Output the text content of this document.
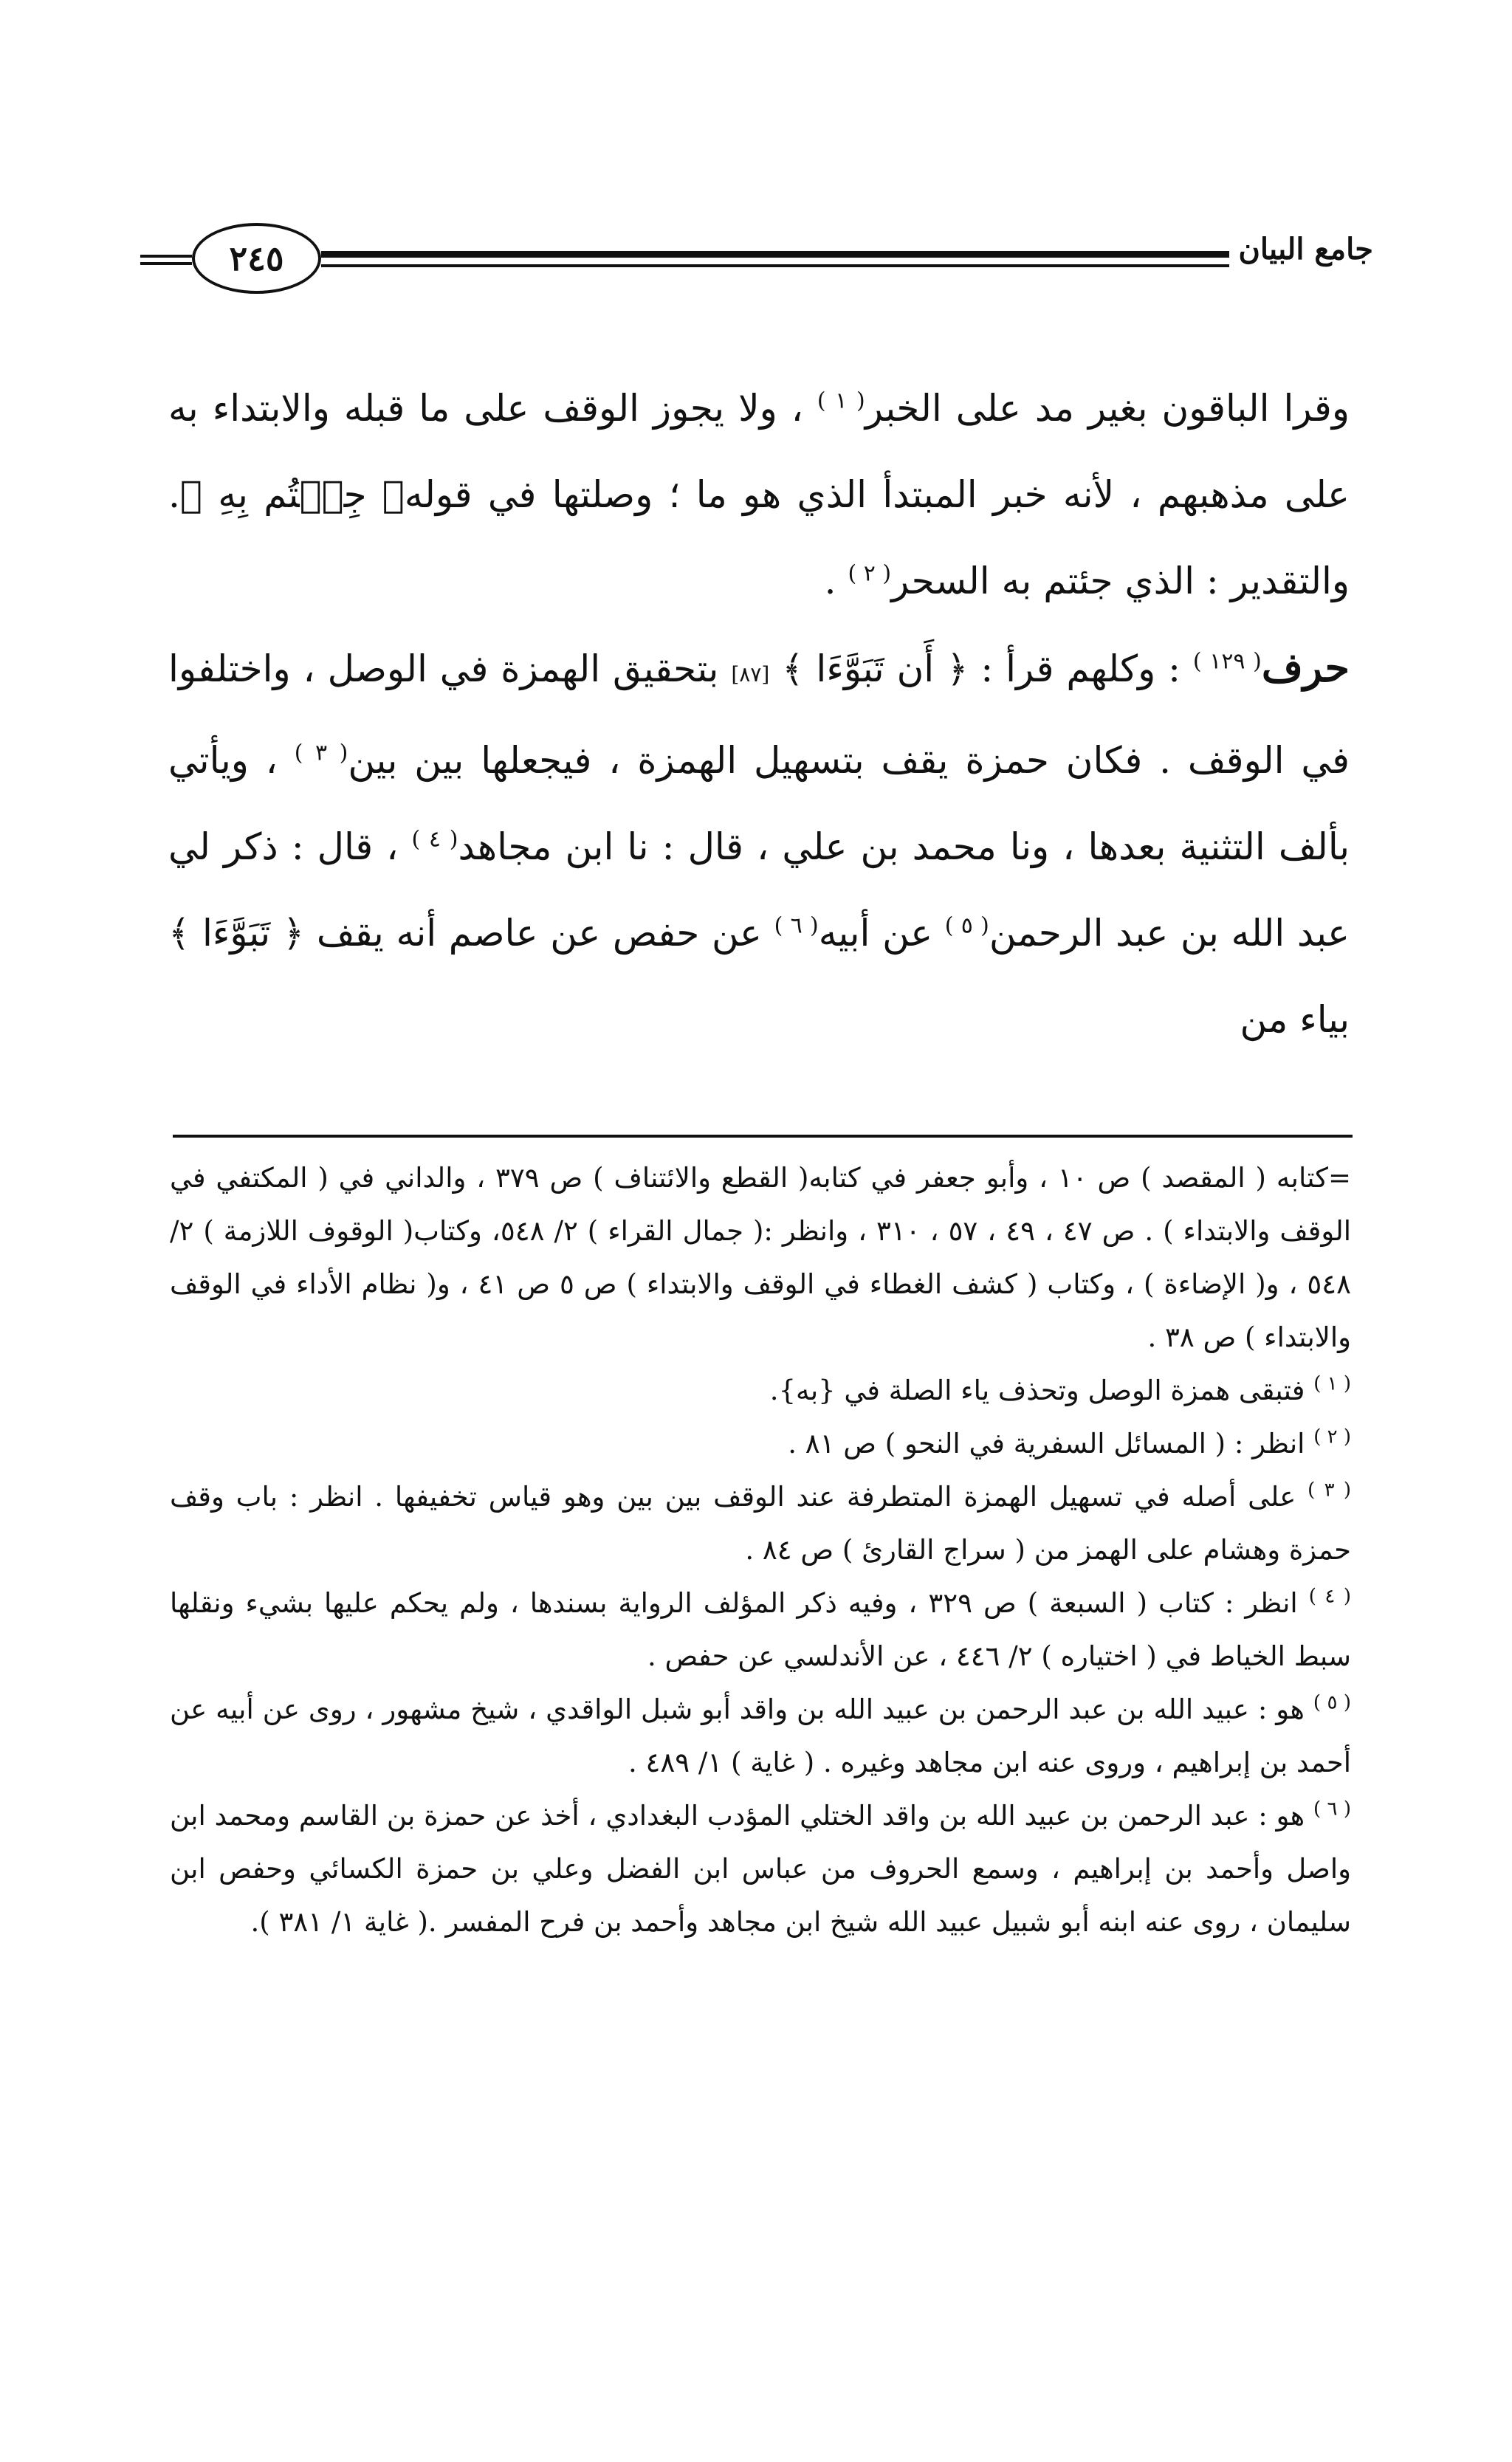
٢٤٥	جامع البيان

وقرا الباقون بغير مد على الخبر$^{( ١ )}$ ، ولا يجوز الوقف على ما قبله والابتداء به على مذهبهم ، لأنه خبر المبتدأ الذي هو ما ؛ وصلتها في قوله﴿ جِئۡتُم بِهِ ﴾. والتقدير : الذي جئتم به السحر$^{( ٢ )}$ .

حرف$^{( ١٢٩ )}$ : وكلهم قرأ : ﴿ أَن تَبَوَّءَا ﴾ [٨٧] بتحقيق الهمزة في الوصل ، واختلفوا في الوقف . فكان حمزة يقف بتسهيل الهمزة ، فيجعلها بين بين$^{( ٣ )}$ ، ويأتي بألف التثنية بعدها ، ونا محمد بن علي ، قال : نا ابن مجاهد$^{( ٤ )}$ ، قال : ذكر لي عبد الله بن عبد الرحمن$^{( ٥ )}$ عن أبيه$^{( ٦ )}$ عن حفص عن عاصم أنه يقف ﴿ تَبَوَّءَا ﴾ بياء من

=كتابه ( المقصد ) ص ١٠ ، وأبو جعفر في كتابه( القطع والائتناف ) ص ٣٧٩ ، والداني في ( المكتفي في الوقف والابتداء ) . ص ٤٧ ، ٤٩ ، ٥٧ ، ٣١٠ ، وانظر :( جمال القراء ) ٢/ ٥٤٨، وكتاب( الوقوف اللازمة ) ٢/ ٥٤٨ ، و( الإضاءة ) ، وكتاب ( كشف الغطاء في الوقف والابتداء ) ص ٥ ص ٤١ ، و( نظام الأداء في الوقف والابتداء ) ص ٣٨ .

$^{( ١ )}$ فتبقى همزة الوصل وتحذف ياء الصلة في {به}.

$^{( ٢ )}$ انظر : ( المسائل السفرية في النحو ) ص ٨١ .

$^{( ٣ )}$ على أصله في تسهيل الهمزة المتطرفة عند الوقف بين بين وهو قياس تخفيفها . انظر : باب وقف حمزة وهشام على الهمز من ( سراج القارئ ) ص ٨٤ .

$^{( ٤ )}$ انظر : كتاب ( السبعة ) ص ٣٢٩ ، وفيه ذكر المؤلف الرواية بسندها ، ولم يحكم عليها بشيء ونقلها سبط الخياط في ( اختياره ) ٢/ ٤٤٦ ، عن الأندلسي عن حفص .

$^{( ٥ )}$ هو : عبيد الله بن عبد الرحمن بن عبيد الله بن واقد أبو شبل الواقدي ، شيخ مشهور ، روى عن أبيه عن أحمد بن إبراهيم ، وروى عنه ابن مجاهد وغيره . ( غاية ) ١/ ٤٨٩ .

$^{( ٦ )}$ هو : عبد الرحمن بن عبيد الله بن واقد الختلي المؤدب البغدادي ، أخذ عن حمزة بن القاسم ومحمد ابن واصل وأحمد بن إبراهيم ، وسمع الحروف من عباس ابن الفضل وعلي بن حمزة الكسائي وحفص ابن سليمان ، روى عنه ابنه أبو شبيل عبيد الله شيخ ابن مجاهد وأحمد بن فرح المفسر .( غاية ١/ ٣٨١ ).
